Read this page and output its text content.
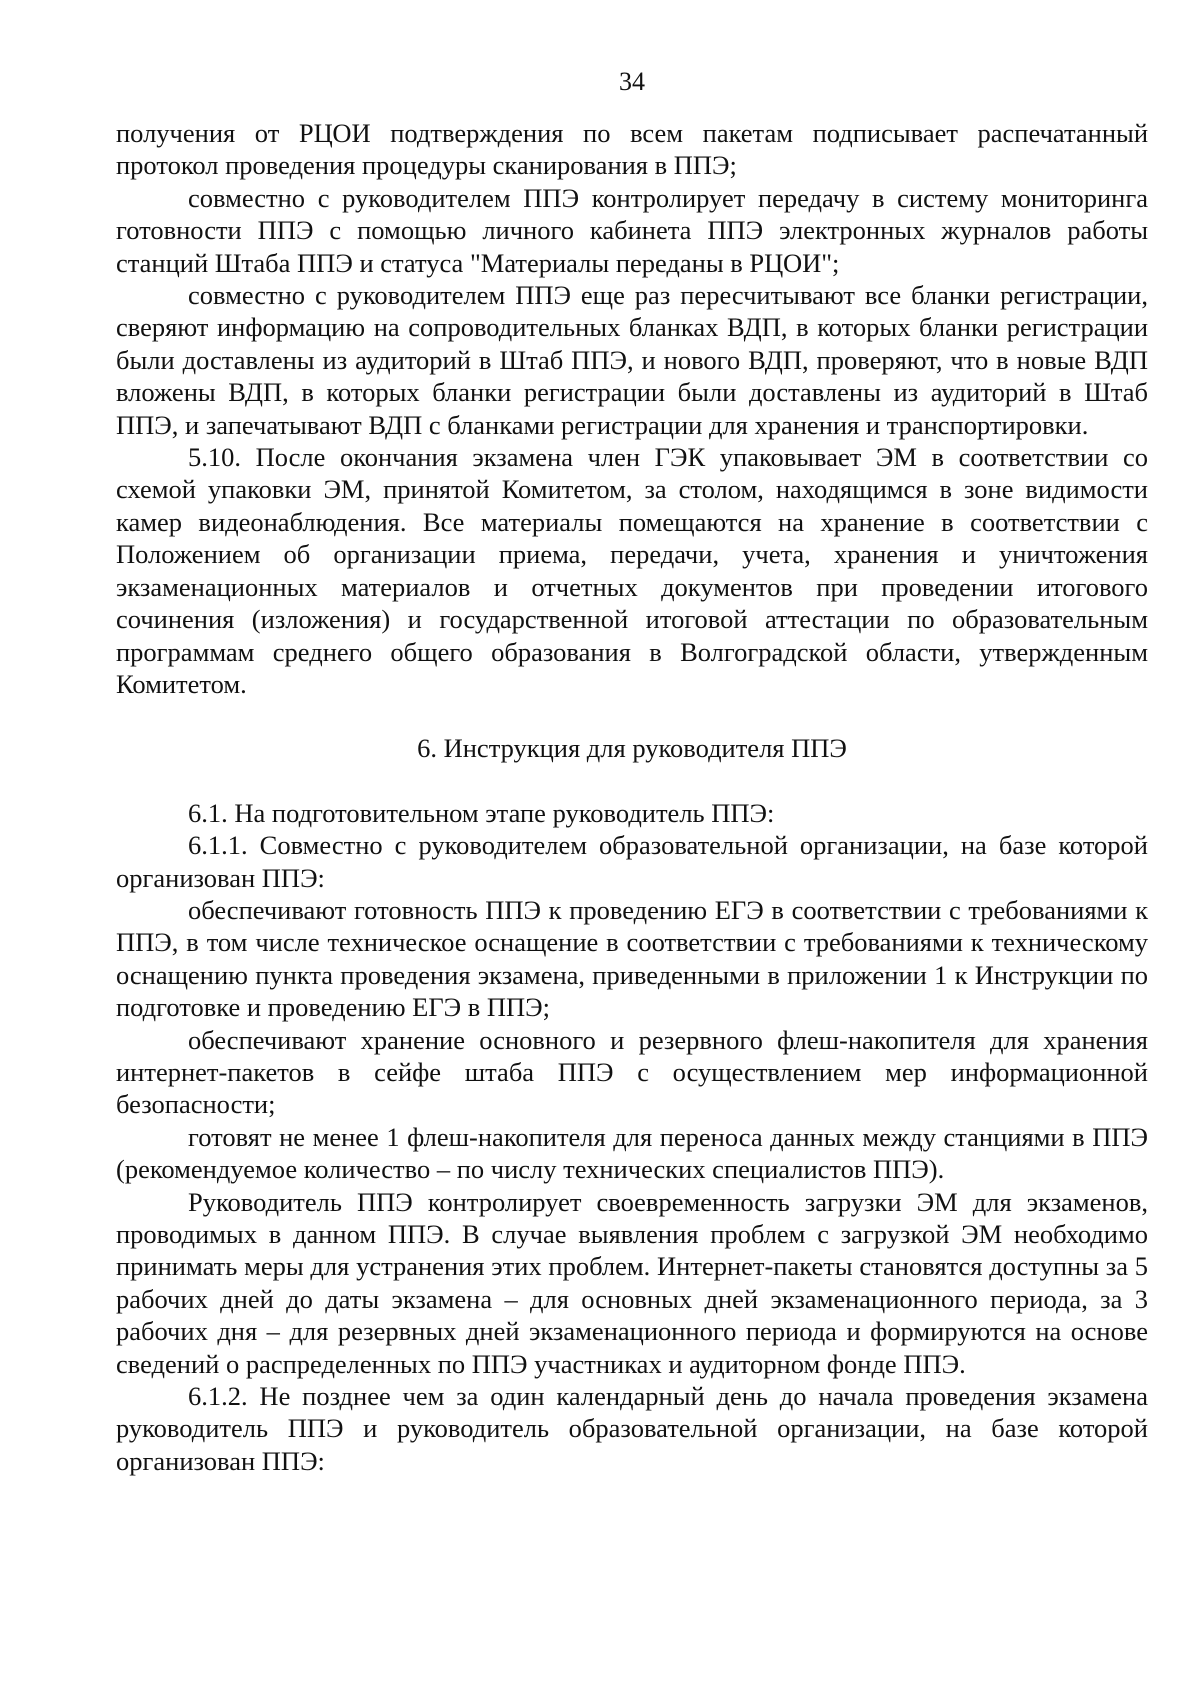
34

получения от РЦОИ подтверждения по всем пакетам подписывает распечатанный протокол проведения процедуры сканирования в ППЭ;

совместно с руководителем ППЭ контролирует передачу в систему мониторинга готовности ППЭ с помощью личного кабинета ППЭ электронных журналов работы станций Штаба ППЭ и статуса "Материалы переданы в РЦОИ";

совместно с руководителем ППЭ еще раз пересчитывают все бланки регистрации, сверяют информацию на сопроводительных бланках ВДП, в которых бланки регистрации были доставлены из аудиторий в Штаб ППЭ, и нового ВДП, проверяют, что в новые ВДП вложены ВДП, в которых бланки регистрации были доставлены из аудиторий в Штаб ППЭ, и запечатывают ВДП с бланками регистрации для хранения и транспортировки.

5.10. После окончания экзамена член ГЭК упаковывает ЭМ в соответствии со схемой упаковки ЭМ, принятой Комитетом, за столом, находящимся в зоне видимости камер видеонаблюдения. Все материалы помещаются на хранение в соответствии с Положением об организации приема, передачи, учета, хранения и уничтожения экзаменационных материалов и отчетных документов при проведении итогового сочинения (изложения) и государственной итоговой аттестации по образовательным программам среднего общего образования в Волгоградской области, утвержденным Комитетом.

6. Инструкция для руководителя ППЭ

6.1. На подготовительном этапе руководитель ППЭ:

6.1.1. Совместно с руководителем образовательной организации, на базе которой организован ППЭ:

обеспечивают готовность ППЭ к проведению ЕГЭ в соответствии с требованиями к ППЭ, в том числе техническое оснащение в соответствии с требованиями к техническому оснащению пункта проведения экзамена, приведенными в приложении 1 к Инструкции по подготовке и проведению ЕГЭ в ППЭ;

обеспечивают хранение основного и резервного флеш-накопителя для хранения интернет-пакетов в сейфе штаба ППЭ с осуществлением мер информационной безопасности;

готовят не менее 1 флеш-накопителя для переноса данных между станциями в ППЭ (рекомендуемое количество – по числу технических специалистов ППЭ).

Руководитель ППЭ контролирует своевременность загрузки ЭМ для экзаменов, проводимых в данном ППЭ. В случае выявления проблем с загрузкой ЭМ необходимо принимать меры для устранения этих проблем. Интернет-пакеты становятся доступны за 5 рабочих дней до даты экзамена – для основных дней экзаменационного периода, за 3 рабочих дня – для резервных дней экзаменационного периода и формируются на основе сведений о распределенных по ППЭ участниках и аудиторном фонде ППЭ.

6.1.2. Не позднее чем за один календарный день до начала проведения экзамена руководитель ППЭ и руководитель образовательной организации, на базе которой организован ППЭ:
